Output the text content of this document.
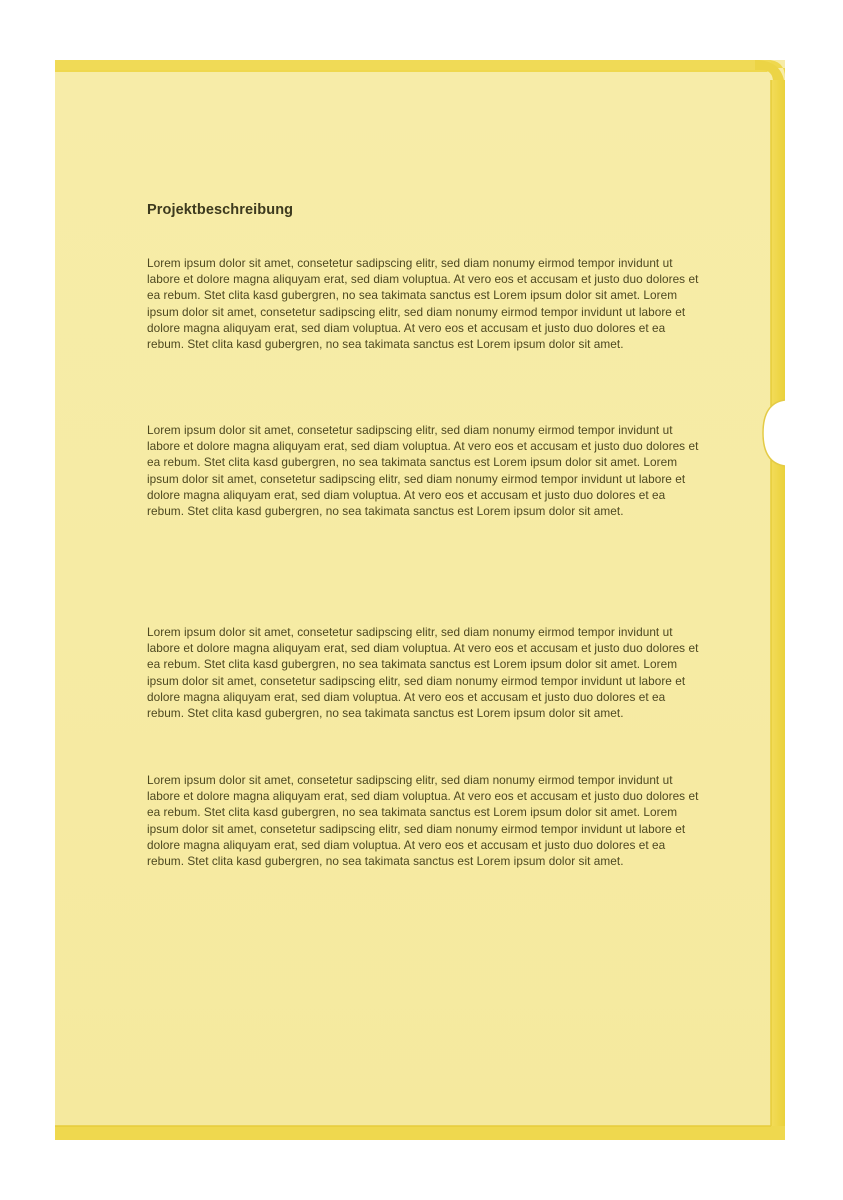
Projektbeschreibung

Lorem ipsum dolor sit amet, consetetur sadipscing elitr, sed diam nonumy eirmod tempor invidunt ut labore et dolore magna aliquyam erat, sed diam voluptua. At vero eos et accusam et justo duo dolores et ea rebum. Stet clita kasd gubergren, no sea takimata sanctus est Lorem ipsum dolor sit amet. Lorem ipsum dolor sit amet, consetetur sadipscing elitr, sed diam nonumy eirmod tempor invidunt ut labore et dolore magna aliquyam erat, sed diam voluptua. At vero eos et accusam et justo duo dolores et ea rebum. Stet clita kasd gubergren, no sea takimata sanctus est Lorem ipsum dolor sit amet.

Lorem ipsum dolor sit amet, consetetur sadipscing elitr, sed diam nonumy eirmod tempor invidunt ut labore et dolore magna aliquyam erat, sed diam voluptua. At vero eos et accusam et justo duo dolores et ea rebum. Stet clita kasd gubergren, no sea takimata sanctus est Lorem ipsum dolor sit amet. Lorem ipsum dolor sit amet, consetetur sadipscing elitr, sed diam nonumy eirmod tempor invidunt ut labore et dolore magna aliquyam erat, sed diam voluptua. At vero eos et accusam et justo duo dolores et ea rebum. Stet clita kasd gubergren, no sea takimata sanctus est Lorem ipsum dolor sit amet.

Lorem ipsum dolor sit amet, consetetur sadipscing elitr, sed diam nonumy eirmod tempor invidunt ut labore et dolore magna aliquyam erat, sed diam voluptua. At vero eos et accusam et justo duo dolores et ea rebum. Stet clita kasd gubergren, no sea takimata sanctus est Lorem ipsum dolor sit amet. Lorem ipsum dolor sit amet, consetetur sadipscing elitr, sed diam nonumy eirmod tempor invidunt ut labore et dolore magna aliquyam erat, sed diam voluptua. At vero eos et accusam et justo duo dolores et ea rebum. Stet clita kasd gubergren, no sea takimata sanctus est Lorem ipsum dolor sit amet.

Lorem ipsum dolor sit amet, consetetur sadipscing elitr, sed diam nonumy eirmod tempor invidunt ut labore et dolore magna aliquyam erat, sed diam voluptua. At vero eos et accusam et justo duo dolores et ea rebum. Stet clita kasd gubergren, no sea takimata sanctus est Lorem ipsum dolor sit amet. Lorem ipsum dolor sit amet, consetetur sadipscing elitr, sed diam nonumy eirmod tempor invidunt ut labore et dolore magna aliquyam erat, sed diam voluptua. At vero eos et accusam et justo duo dolores et ea rebum. Stet clita kasd gubergren, no sea takimata sanctus est Lorem ipsum dolor sit amet.
